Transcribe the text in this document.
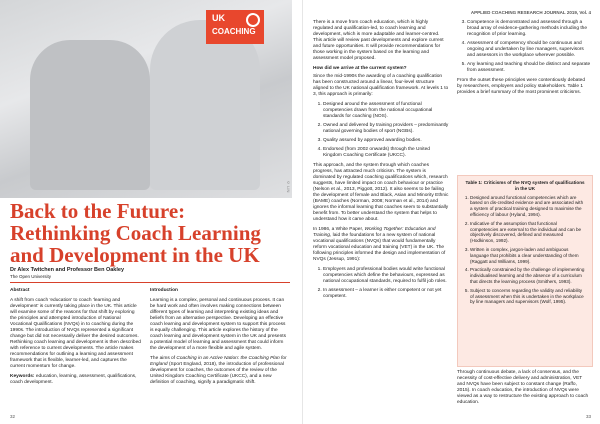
UK
COACHING
© LIN
Back to the Future: Rethinking Coach Learning and Development in the UK
Dr Alex Twitchen and Professor Ben Oakley
The Open University

Abstract

A shift from coach 'education' to coach 'learning and development' is currently taking place in the UK. This article will examine some of the reasons for that shift by exploring the principles and attempted introduction of National Vocational Qualifications (NVQs) in to coaching during the 1990s. The introduction of NVQs represented a significant change but did not necessarily deliver the desired outcomes. Rethinking coach learning and development is then described with reference to current developments. The article makes recommendations for outlining a learning and assessment framework that is flexible, learner-led, and captures the current momentum for change.

Keywords: education, learning, assessment, qualifications, coach development.

Introduction

Learning is a complex, personal and continuous process. It can be hard work and often involves making connections between different types of learning and interpreting existing ideas and beliefs from an alternative perspective. Developing an effective coach learning and development system to support this process is equally challenging. This article explores the history of the coach learning and development system in the UK and presents a potential model of learning and assessment that could inform the development of a more flexible and agile system.

The aims of Coaching in an Active Nation: the Coaching Plan for England (Sport England, 2018), the introduction of professional development for coaches, the outcomes of the review of the United Kingdom Coaching Certificate (UKCC), and a new definition of coaching, signify a paradigmatic shift.

32
APPLIED COACHING RESEARCH JOURNAL 2019, Vol. 4

There is a move from coach education, which is highly regulated and qualification-led, to coach learning and development, which is more adaptable and learner-centred. This article will review past developments and explore current and future opportunities. It will provide recommendations for those working in the system based on the learning and assessment model proposed.

How did we arrive at the current system?

Since the mid-1990s the awarding of a coaching qualification has been constructed around a linear, four-level structure aligned to the UK national qualification framework. At levels 1 to 3, this approach is primarily:

1. Designed around the assessment of functional competencies drawn from the national occupational standards for coaching (NOS).
2. Owned and delivered by training providers – predominantly national governing bodies of sport (NGBs).
3. Quality assured by approved awarding bodies.
4. Endorsed (from 2002 onwards) through the United Kingdom Coaching Certificate (UKCC).

This approach, and the system through which coaches progress, has attracted much criticism. The system is dominated by regulated coaching qualifications which, research suggests, have limited impact on coach behaviour or practice (Nelson et al., 2013, Piggott, 2012). It also seems to be failing the development of female and Black, Asian and Minority Ethnic (BAME) coaches (Norman, 2008; Norman et al., 2014) and ignores the informal learning that coaches seem to substantially benefit from. To better understand the system that helps to understand how it came about.

In 1986, a White Paper, Working Together: Education and Training, laid the foundations for a new system of national vocational qualifications (NVQs) that would fundamentally reform vocational education and training (VET) in the UK. The following principles informed the design and implementation of NVQs (Jessup, 1991):

1. Employers and professional bodies would write functional competencies which define the behaviours, expressed as national occupational standards, required to fulfil job roles.
2. In assessment – a learner is either competent or not yet competent.
3. Competence is demonstrated and assessed through a broad array of evidence-gathering methods including the recognition of prior learning.
4. Assessment of competency should be continuous and ongoing and undertaken by line managers, supervisors and assessors in the workplace wherever possible.
5. Any learning and teaching should be distinct and separate from assessment.

From the outset these principles were contentiously debated by researchers, employers and policy stakeholders. Table 1 provides a brief summary of the most prominent criticisms.

Table 1: Criticisms of the NVQ system of qualifications in the UK
1. Designed around functional competencies which are based on dis-credited evidence and are associated with a system of practical training designed to maximise the efficiency of labour (Hyland, 1994).
2. Indicative of the assumption that functional competencies are external to the individual and can be objectively discovered, defined and measured (Hodkinson, 1992).
3. Written in complex, jargon-laden and ambiguous language that prohibits a clear understanding of them (Raggatt and Williams, 1999).
4. Practically constrained by the challenge of implementing individualised learning and the absence of a curriculum that directs the learning process (Smithers, 1993).
5. Subject to concerns regarding the validity and reliability of assessment when this is undertaken in the workplace by line managers and supervisors (Wolf, 1995).
Through continuous debate, a lack of consensus, and the necessity of cost-effective delivery and administration, VET and NVQs have been subject to constant change (Raffo, 2015). In coach education, the introduction of NVQs were viewed as a way to restructure the existing approach to coach education.
33
